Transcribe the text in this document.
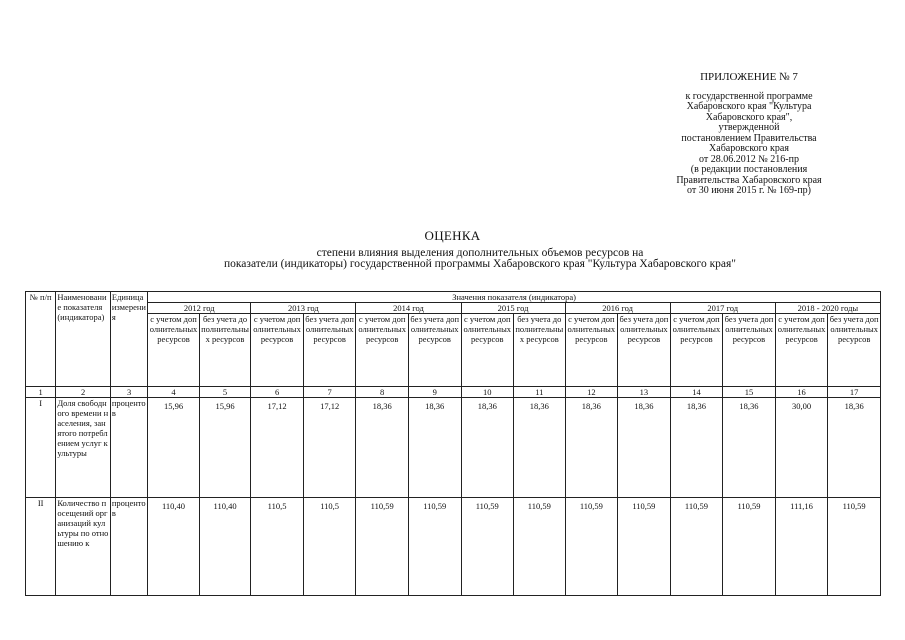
ПРИЛОЖЕНИЕ № 7
к государственной программе
Хабаровского края "Культура
Хабаровского края",
утвержденной
постановлением Правительства
Хабаровского края
от 28.06.2012 № 216-пр
(в редакции постановления
Правительства Хабаровского края
от 30 июня 2015 г. № 169-пр)
ОЦЕНКА
степени влияния выделения дополнительных объемов ресурсов на
показатели (индикаторы) государственной программы Хабаровского края "Культура Хабаровского края"
№ п/п	Наименование показателя (индикатора)	Единица измерения	Значения показателя (индикатора)													
			2012 год		2013 год		2014 год		2015 год		2016 год		2017 год		2018 - 2020 годы	
			с учетом дополнительных ресурсов	без учета дополнительных ресурсов	с учетом дополнительных ресурсов	без учета дополнительных ресурсов	с учетом дополнительных ресурсов	без учета дополнительных ресурсов	с учетом дополнительных ресурсов	без учета дополнительных ресурсов	с учетом дополнительных ресурсов	без учета дополнительных ресурсов	с учетом дополнительных ресурсов	без учета дополнительных ресурсов	с учетом дополнительных ресурсов	без учета дополнительных ресурсов
1	2	3	4	5	6	7	8	9	10	11	12	13	14	15	16	17
I	Доля свободного времени населения, занятого потреблением услуг культуры	процентов	15,96	15,96	17,12	17,12	18,36	18,36	18,36	18,36	18,36	18,36	18,36	18,36	30,00	18,36
II	Количество посещений организаций культуры по отношению к	процентов	110,40	110,40	110,5	110,5	110,59	110,59	110,59	110,59	110,59	110,59	110,59	110,59	111,16	110,59
